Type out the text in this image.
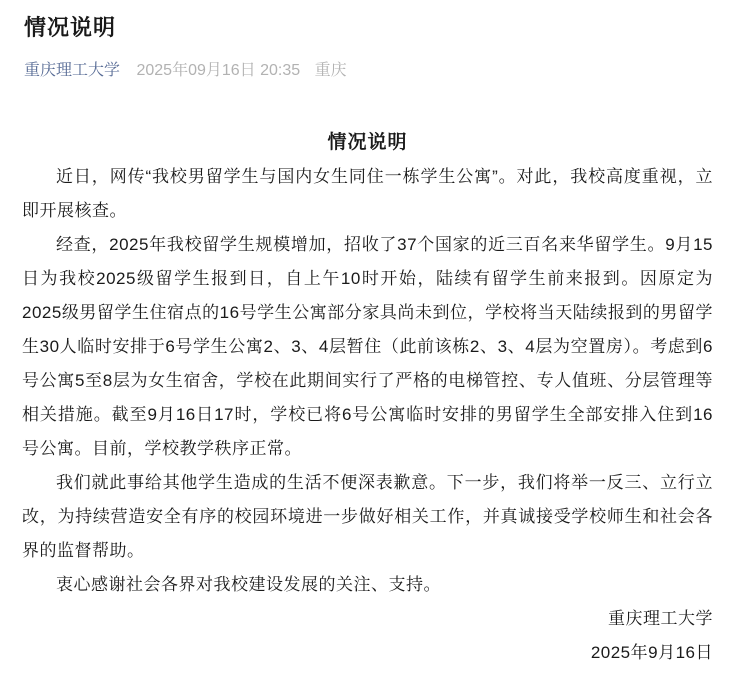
情况说明
重庆理工大学 2025年09月16日 20:35 重庆
情况说明

近日，网传“我校男留学生与国内女生同住一栋学生公寓”。对此，我校高度重视，立即开展核查。

经查，2025年我校留学生规模增加，招收了37个国家的近三百名来华留学生。9月15日为我校2025级留学生报到日，自上午10时开始，陆续有留学生前来报到。因原定为2025级男留学生住宿点的16号学生公寓部分家具尚未到位，学校将当天陆续报到的男留学生30人临时安排于6号学生公寓2、3、4层暂住（此前该栋2、3、4层为空置房）。考虑到6号公寓5至8层为女生宿舍，学校在此期间实行了严格的电梯管控、专人值班、分层管理等相关措施。截至9月16日17时，学校已将6号公寓临时安排的男留学生全部安排入住到16号公寓。目前，学校教学秩序正常。

我们就此事给其他学生造成的生活不便深表歉意。下一步，我们将举一反三、立行立改，为持续营造安全有序的校园环境进一步做好相关工作，并真诚接受学校师生和社会各界的监督帮助。

衷心感谢社会各界对我校建设发展的关注、支持。

重庆理工大学
2025年9月16日
